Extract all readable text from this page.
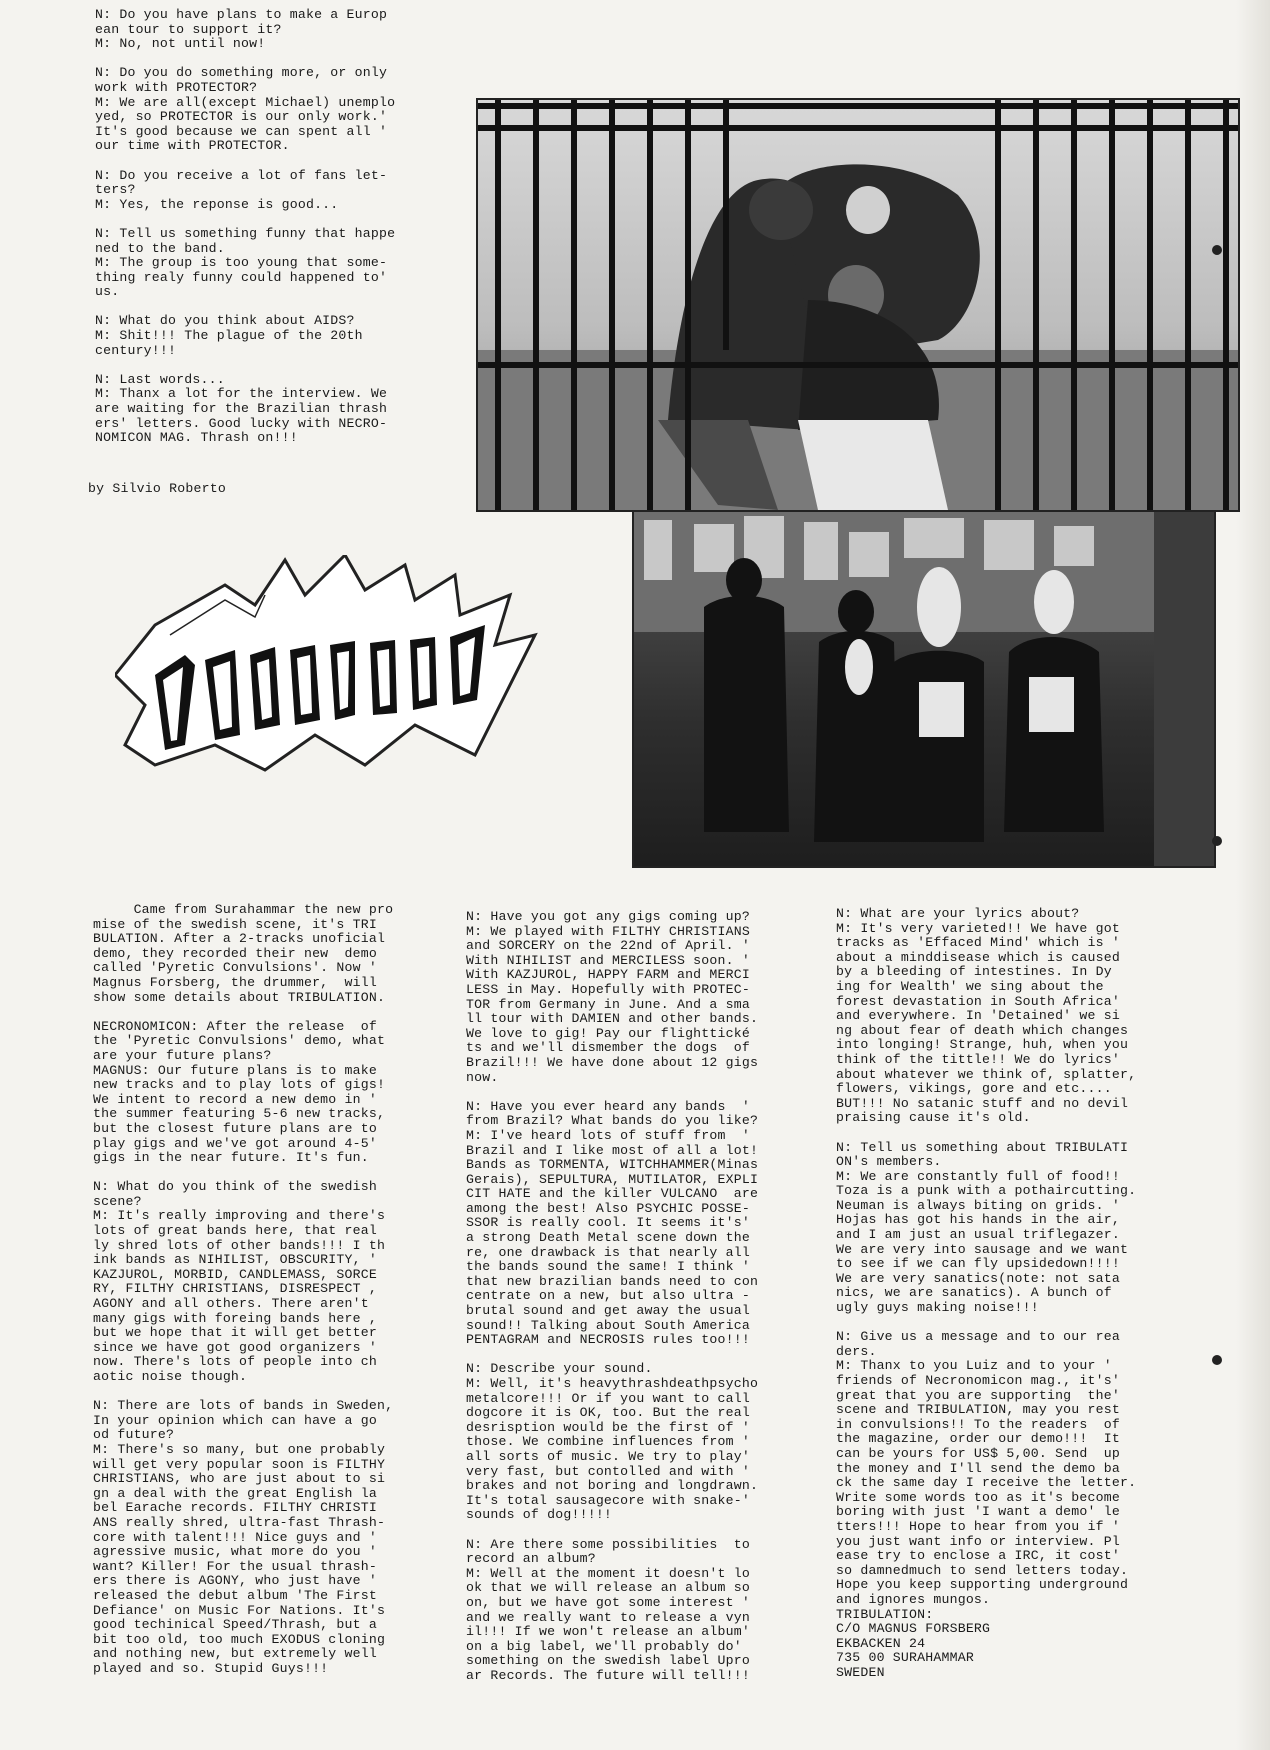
N: Do you have plans to make a Europ
ean tour to support it?
M: No, not until now!

N: Do you do something more, or only
work with PROTECTOR?
M: We are all(except Michael) unemplo
yed, so PROTECTOR is our only work.'
It's good because we can spent all '
our time with PROTECTOR.

N: Do you receive a lot of fans let-
ters?
M: Yes, the reponse is good...

N: Tell us something funny that happe
ned to the band.
M: The group is too young that some-
thing realy funny could happened to'
us.

N: What do you think about AIDS?
M: Shit!!! The plague of the 20th
century!!!

N: Last words...
M: Thanx a lot for the interview. We
are waiting for the Brazilian thrash
ers' letters. Good lucky with NECRO-
NOMICON MAG. Thrash on!!!
by Silvio Roberto
Came from Surahammar the new pro
mise of the swedish scene, it's TRI
BULATION. After a 2-tracks unoficial
demo, they recorded their new  demo
called 'Pyretic Convulsions'. Now '
Magnus Forsberg, the drummer,  will
show some details about TRIBULATION.

NECRONOMICON: After the release  of
the 'Pyretic Convulsions' demo, what
are your future plans?
MAGNUS: Our future plans is to make
new tracks and to play lots of gigs!
We intent to record a new demo in '
the summer featuring 5-6 new tracks,
but the closest future plans are to
play gigs and we've got around 4-5'
gigs in the near future. It's fun.

N: What do you think of the swedish
scene?
M: It's really improving and there's
lots of great bands here, that real
ly shred lots of other bands!!! I th
ink bands as NIHILIST, OBSCURITY, '
KAZJUROL, MORBID, CANDLEMASS, SORCE
RY, FILTHY CHRISTIANS, DISRESPECT ,
AGONY and all others. There aren't
many gigs with foreing bands here ,
but we hope that it will get better
since we have got good organizers '
now. There's lots of people into ch
aotic noise though.

N: There are lots of bands in Sweden,
In your opinion which can have a go
od future?
M: There's so many, but one probably
will get very popular soon is FILTHY
CHRISTIANS, who are just about to si
gn a deal with the great English la
bel Earache records. FILTHY CHRISTI
ANS really shred, ultra-fast Thrash-
core with talent!!! Nice guys and '
agressive music, what more do you '
want? Killer! For the usual thrash-
ers there is AGONY, who just have '
released the debut album 'The First
Defiance' on Music For Nations. It's
good techinical Speed/Thrash, but a
bit too old, too much EXODUS cloning
and nothing new, but extremely well
played and so. Stupid Guys!!!
N: Have you got any gigs coming up?
M: We played with FILTHY CHRISTIANS
and SORCERY on the 22nd of April. '
With NIHILIST and MERCILESS soon. '
With KAZJUROL, HAPPY FARM and MERCI
LESS in May. Hopefully with PROTEC-
TOR from Germany in June. And a sma
ll tour with DAMIEN and other bands.
We love to gig! Pay our flighttické
ts and we'll dismember the dogs  of
Brazil!!! We have done about 12 gigs
now.

N: Have you ever heard any bands  '
from Brazil? What bands do you like?
M: I've heard lots of stuff from  '
Brazil and I like most of all a lot!
Bands as TORMENTA, WITCHHAMMER(Minas
Gerais), SEPULTURA, MUTILATOR, EXPLI
CIT HATE and the killer VULCANO  are
among the best! Also PSYCHIC POSSE-
SSOR is really cool. It seems it's'
a strong Death Metal scene down the
re, one drawback is that nearly all
the bands sound the same! I think '
that new brazilian bands need to con
centrate on a new, but also ultra -
brutal sound and get away the usual
sound!! Talking about South America
PENTAGRAM and NECROSIS rules too!!!

N: Describe your sound.
M: Well, it's heavythrashdeathpsycho
metalcore!!! Or if you want to call
dogcore it is OK, too. But the real
desrisption would be the first of '
those. We combine influences from '
all sorts of music. We try to play'
very fast, but contolled and with '
brakes and not boring and longdrawn.
It's total sausagecore with snake-'
sounds of dog!!!!!

N: Are there some possibilities  to
record an album?
M: Well at the moment it doesn't lo
ok that we will release an album so
on, but we have got some interest '
and we really want to release a vyn
il!!! If we won't release an album'
on a big label, we'll probably do'
something on the swedish label Upro
ar Records. The future will tell!!!
N: What are your lyrics about?
M: It's very varieted!! We have got
tracks as 'Effaced Mind' which is '
about a minddisease which is caused
by a bleeding of intestines. In Dy
ing for Wealth' we sing about the
forest devastation in South Africa'
and everywhere. In 'Detained' we si
ng about fear of death which changes
into longing! Strange, huh, when you
think of the tittle!! We do lyrics'
about whatever we think of, splatter,
flowers, vikings, gore and etc....
BUT!!! No satanic stuff and no devil
praising cause it's old.

N: Tell us something about TRIBULATI
ON's members.
M: We are constantly full of food!!
Toza is a punk with a pothaircutting.
Neuman is always biting on grids. '
Hojas has got his hands in the air,
and I am just an usual triflegazer.
We are very into sausage and we want
to see if we can fly upsidedown!!!!
We are very sanatics(note: not sata
nics, we are sanatics). A bunch of
ugly guys making noise!!!

N: Give us a message and to our rea
ders.
M: Thanx to you Luiz and to your '
friends of Necronomicon mag., it's'
great that you are supporting  the'
scene and TRIBULATION, may you rest
in convulsions!! To the readers  of
the magazine, order our demo!!!  It
can be yours for US$ 5,00. Send  up
the money and I'll send the demo ba
ck the same day I receive the letter.
Write some words too as it's become
boring with just 'I want a demo' le
tters!!! Hope to hear from you if '
you just want info or interview. Pl
ease try to enclose a IRC, it cost'
so damnedmuch to send letters today.
Hope you keep supporting underground
and ignores mungos.
TRIBULATION:
C/O MAGNUS FORSBERG
EKBACKEN 24
735 00 SURAHAMMAR
SWEDEN
